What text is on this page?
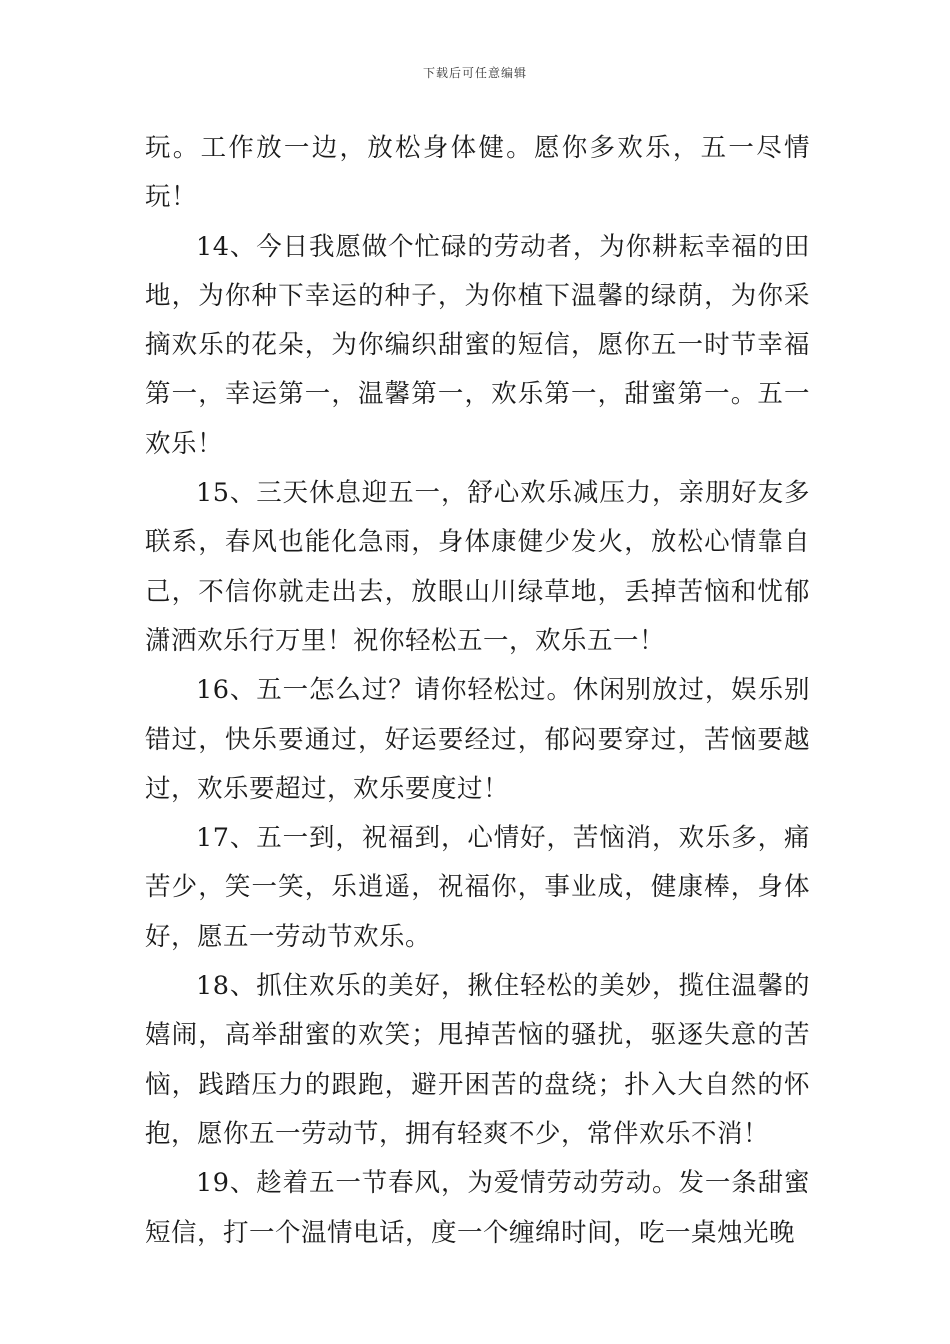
下载后可任意编辑

玩。工作放一边，放松身体健。愿你多欢乐，五一尽情玩！

14、今日我愿做个忙碌的劳动者，为你耕耘幸福的田地，为你种下幸运的种子，为你植下温馨的绿荫，为你采摘欢乐的花朵，为你编织甜蜜的短信，愿你五一时节幸福第一，幸运第一，温馨第一，欢乐第一，甜蜜第一。五一欢乐！

15、三天休息迎五一，舒心欢乐减压力，亲朋好友多联系，春风也能化急雨，身体康健少发火，放松心情靠自己，不信你就走出去，放眼山川绿草地，丢掉苦恼和忧郁潇洒欢乐行万里！祝你轻松五一，欢乐五一！

16、五一怎么过？请你轻松过。休闲别放过，娱乐别错过，快乐要通过，好运要经过，郁闷要穿过，苦恼要越过，欢乐要超过，欢乐要度过！

17、五一到，祝福到，心情好，苦恼消，欢乐多，痛苦少，笑一笑，乐逍遥，祝福你，事业成，健康棒，身体好，愿五一劳动节欢乐。

18、抓住欢乐的美好，揪住轻松的美妙，揽住温馨的嬉闹，高举甜蜜的欢笑；甩掉苦恼的骚扰，驱逐失意的苦恼，践踏压力的跟跑，避开困苦的盘绕；扑入大自然的怀抱，愿你五一劳动节，拥有轻爽不少，常伴欢乐不消！

19、趁着五一节春风，为爱情劳动劳动。发一条甜蜜短信，打一个温情电话，度一个缠绵时间，吃一桌烛光晚
